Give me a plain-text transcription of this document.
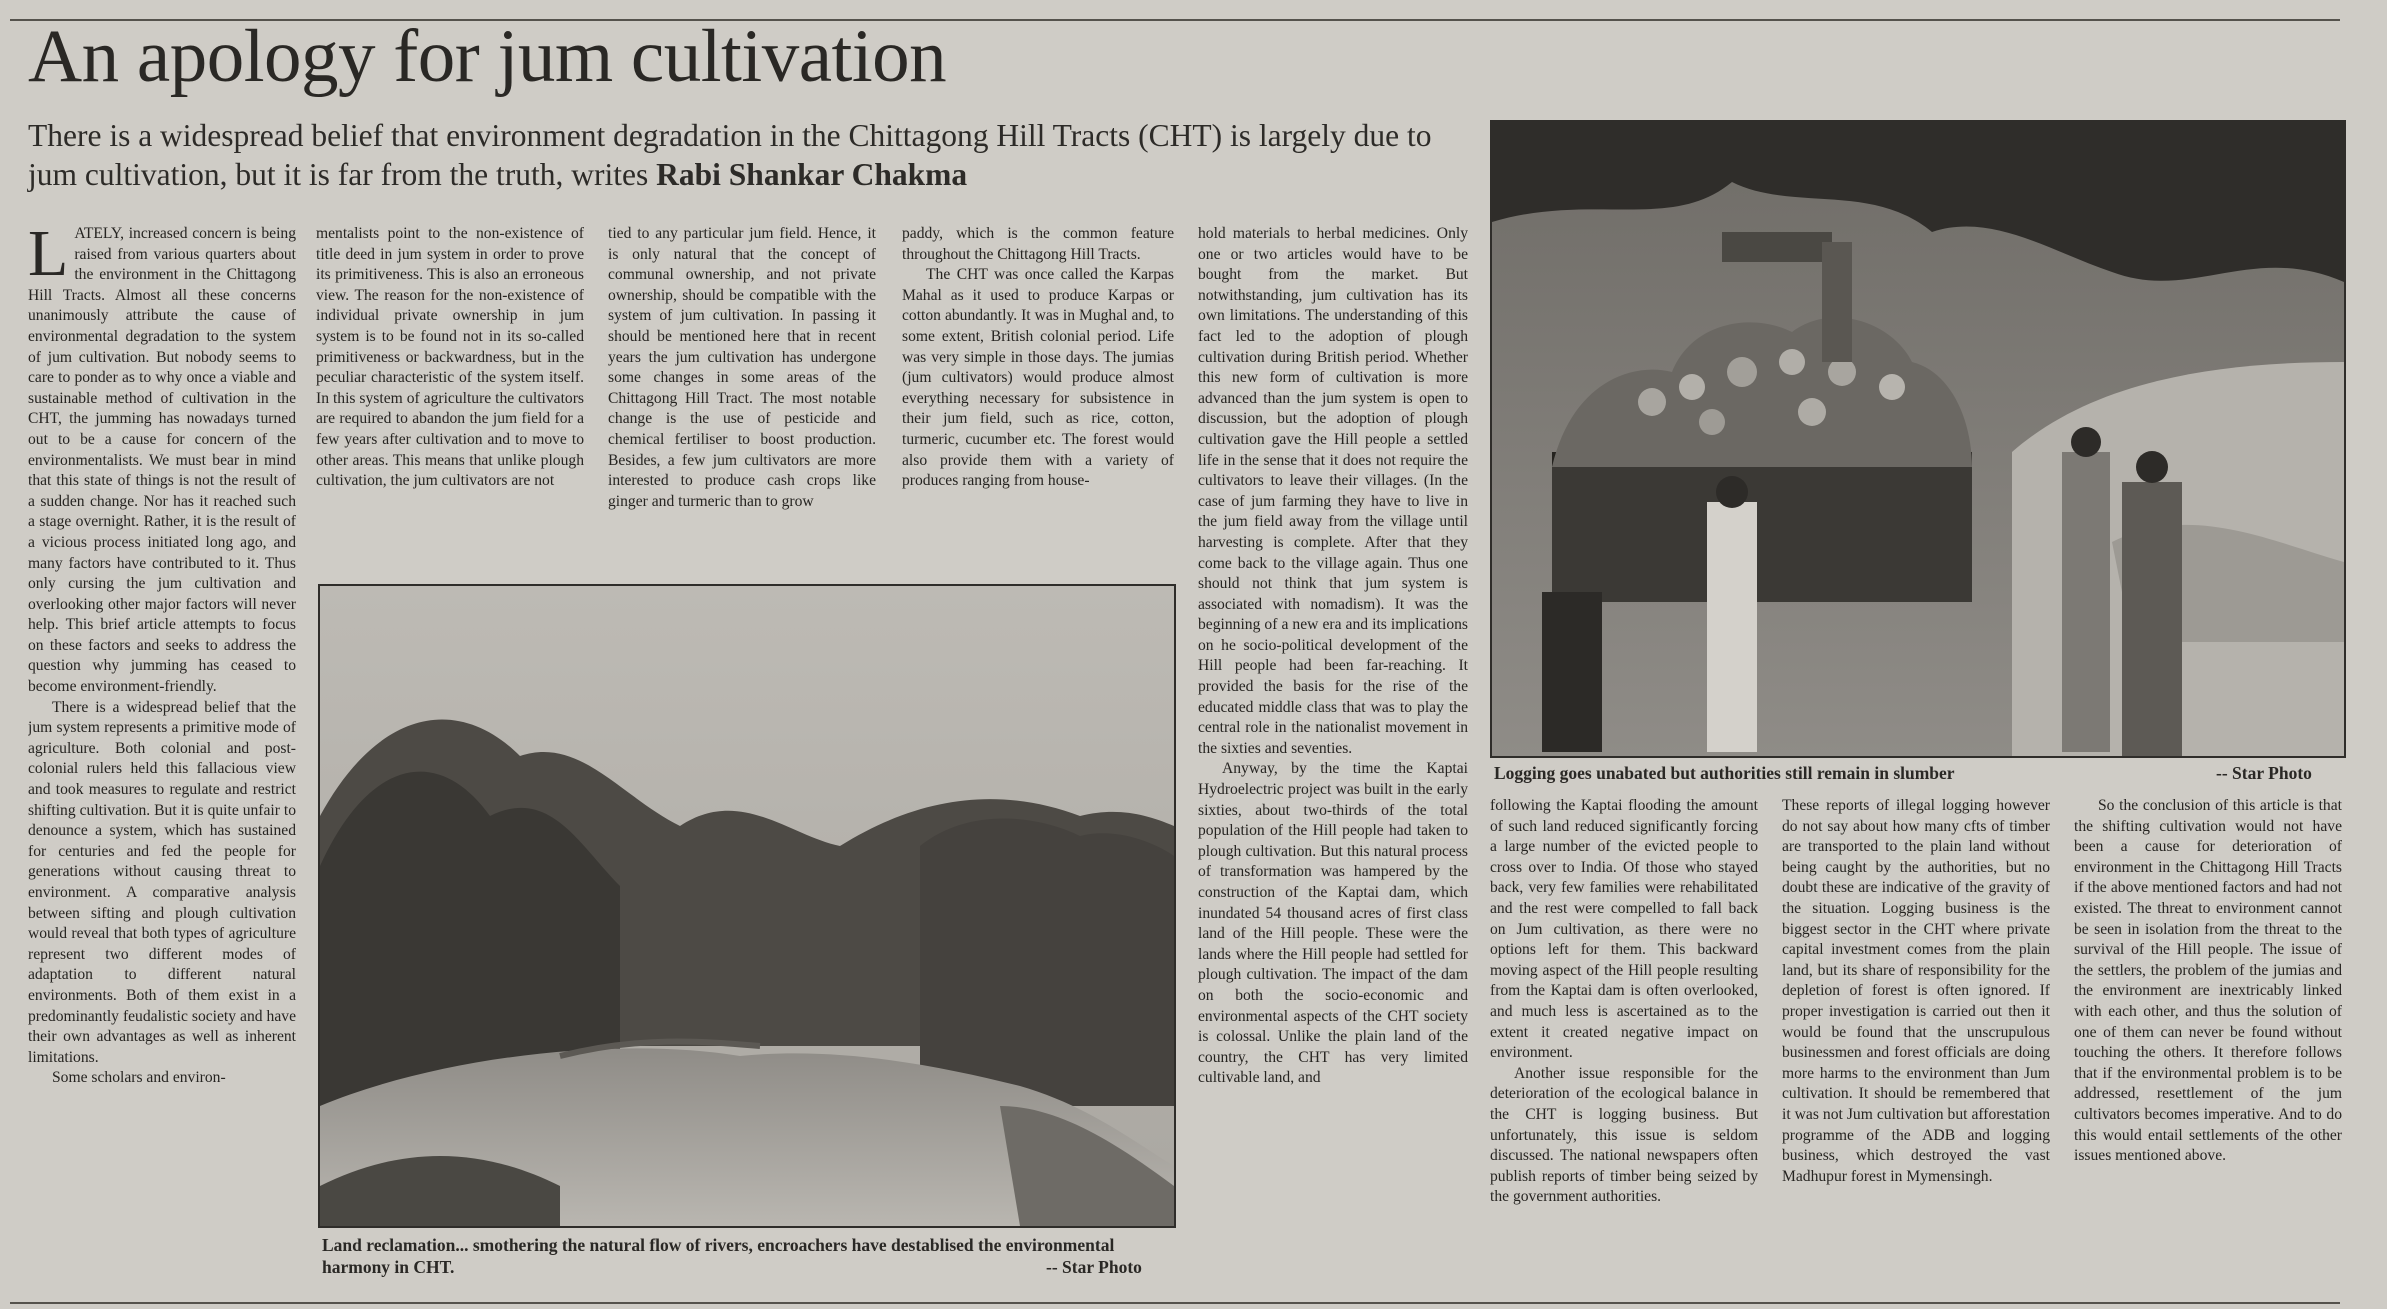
An apology for jum cultivation
There is a widespread belief that environment degradation in the Chittagong Hill Tracts (CHT) is largely due to jum cultivation, but it is far from the truth, writes Rabi Shankar Chakma

LATELY, increased concern is being raised from various quarters about the environment in the Chittagong Hill Tracts. Almost all these concerns unanimously attribute the cause of environmental degradation to the system of jum cultivation. But nobody seems to care to ponder as to why once a viable and sustainable method of cultivation in the CHT, the jumming has nowadays turned out to be a cause for concern of the environmentalists. We must bear in mind that this state of things is not the result of a sudden change. Nor has it reached such a stage overnight. Rather, it is the result of a vicious process initiated long ago, and many factors have contributed to it. Thus only cursing the jum cultivation and overlooking other major factors will never help. This brief article attempts to focus on these factors and seeks to address the question why jumming has ceased to become environment-friendly.

There is a widespread belief that the jum system represents a primitive mode of agriculture. Both colonial and post-colonial rulers held this fallacious view and took measures to regulate and restrict shifting cultivation. But it is quite unfair to denounce a system, which has sustained for centuries and fed the people for generations without causing threat to environment. A comparative analysis between sifting and plough cultivation would reveal that both types of agriculture represent two different modes of adaptation to different natural environments. Both of them exist in a predominantly feudalistic society and have their own advantages as well as inherent limitations.

Some scholars and environ-

mentalists point to the non-existence of title deed in jum system in order to prove its primitiveness. This is also an erroneous view. The reason for the non-existence of individual private ownership in jum system is to be found not in its so-called primitiveness or backwardness, but in the peculiar characteristic of the system itself. In this system of agriculture the cultivators are required to abandon the jum field for a few years after cultivation and to move to other areas. This means that unlike plough cultivation, the jum cultivators are not

tied to any particular jum field. Hence, it is only natural that the concept of communal ownership, and not private ownership, should be compatible with the system of jum cultivation. In passing it should be mentioned here that in recent years the jum cultivation has undergone some changes in some areas of the Chittagong Hill Tract. The most notable change is the use of pesticide and chemical fertiliser to boost production. Besides, a few jum cultivators are more interested to produce cash crops like ginger and turmeric than to grow

paddy, which is the common feature throughout the Chittagong Hill Tracts.

The CHT was once called the Karpas Mahal as it used to produce Karpas or cotton abundantly. It was in Mughal and, to some extent, British colonial period. Life was very simple in those days. The jumias (jum cultivators) would produce almost everything necessary for subsistence in their jum field, such as rice, cotton, turmeric, cucumber etc. The forest would also provide them with a variety of produces ranging from house-

hold materials to herbal medicines. Only one or two articles would have to be bought from the market. But notwithstanding, jum cultivation has its own limitations. The understanding of this fact led to the adoption of plough cultivation during British period. Whether this new form of cultivation is more advanced than the jum system is open to discussion, but the adoption of plough cultivation gave the Hill people a settled life in the sense that it does not require the cultivators to leave their villages. (In the case of jum farming they have to live in the jum field away from the village until harvesting is complete. After that they come back to the village again. Thus one should not think that jum system is associated with nomadism). It was the beginning of a new era and its implications on he socio-political development of the Hill people had been far-reaching. It provided the basis for the rise of the educated middle class that was to play the central role in the nationalist movement in the sixties and seventies.

Anyway, by the time the Kaptai Hydroelectric project was built in the early sixties, about two-thirds of the total population of the Hill people had taken to plough cultivation. But this natural process of transformation was hampered by the construction of the Kaptai dam, which inundated 54 thousand acres of first class land of the Hill people. These were the lands where the Hill people had settled for plough cultivation. The impact of the dam on both the socio-economic and environmental aspects of the CHT society is colossal. Unlike the plain land of the country, the CHT has very limited cultivable land, and

following the Kaptai flooding the amount of such land reduced significantly forcing a large number of the evicted people to cross over to India. Of those who stayed back, very few families were rehabilitated and the rest were compelled to fall back on Jum cultivation, as there were no options left for them. This backward moving aspect of the Hill people resulting from the Kaptai dam is often overlooked, and much less is ascertained as to the extent it created negative impact on environment.

Another issue responsible for the deterioration of the ecological balance in the CHT is logging business. But unfortunately, this issue is seldom discussed. The national newspapers often publish reports of timber being seized by the government authorities.

These reports of illegal logging however do not say about how many cfts of timber are transported to the plain land without being caught by the authorities, but no doubt these are indicative of the gravity of the situation. Logging business is the biggest sector in the CHT where private capital investment comes from the plain land, but its share of responsibility for the depletion of forest is often ignored. If proper investigation is carried out then it would be found that the unscrupulous businessmen and forest officials are doing more harms to the environment than Jum cultivation. It should be remembered that it was not Jum cultivation but afforestation programme of the ADB and logging business, which destroyed the vast Madhupur forest in Mymensingh.

So the conclusion of this article is that the shifting cultivation would not have been a cause for deterioration of environment in the Chittagong Hill Tracts if the above mentioned factors and had not existed. The threat to environment cannot be seen in isolation from the threat to the survival of the Hill people. The issue of the settlers, the problem of the jumias and the environment are inextricably linked with each other, and thus the solution of one of them can never be found without touching the others. It therefore follows that if the environmental problem is to be addressed, resettlement of the jum cultivators becomes imperative. And to do this would entail settlements of the other issues mentioned above.

Land reclamation... smothering the natural flow of rivers, encroachers have destablised the environmental harmony in CHT.	-- Star Photo
Logging goes unabated but authorities still remain in slumber	-- Star Photo
